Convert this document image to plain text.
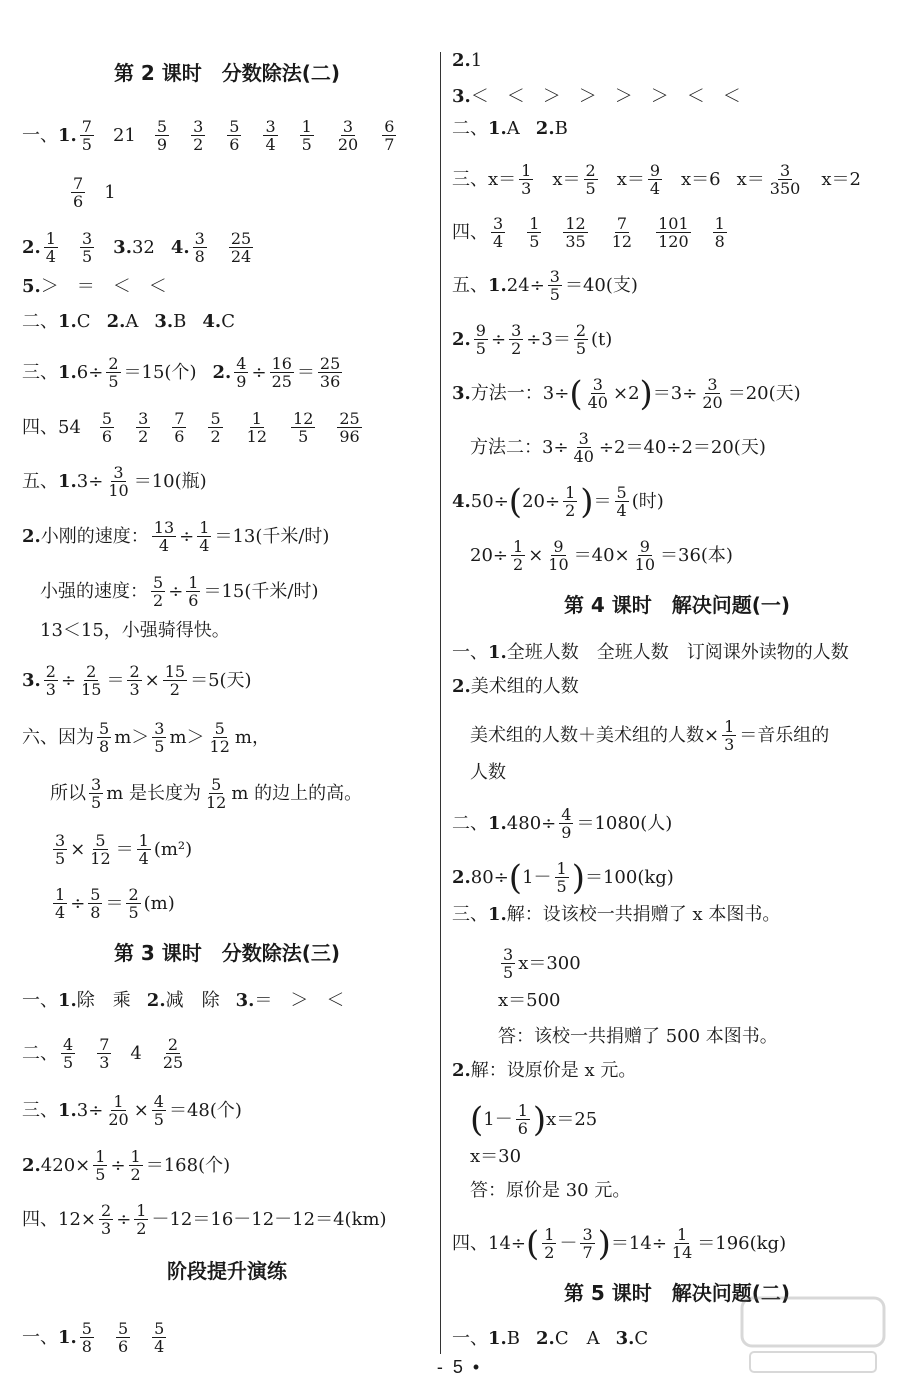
第 2 课时　分数除法(二)
一、 1. $\frac{7}{5} 21 \frac{5}{9} \frac{3}{2} \frac{5}{6} \frac{3}{4} \frac{1}{5} \frac{3}{20} \frac{6}{7}$
$\frac{7}{6} 1$
2. $\frac{1}{4} \frac{3}{5} 3$. 32 4. $\frac{3}{8} \frac{25}{24}$
5. ＞　＝　＜　＜
二、 1. C 2. A 3. B 4. C
三、 1. $6 \div \frac{2}{5} = 15$(个) 2. $\frac{4}{9} \div \frac{16}{25} = \frac{25}{36}$
四、 $54 \frac{5}{6} \frac{3}{2} \frac{7}{6} \frac{5}{2} \frac{1}{12} \frac{12}{5} \frac{25}{96}$
五、 1. $3 \div \frac{3}{10} = 10$(瓶)
2. 小刚的速度： $\frac{13}{4} \div \frac{1}{4} = 13$(千米/时)
小强的速度： $\frac{5}{2} \div \frac{1}{6} = 15$(千米/时)
13＜15，小强骑得快。
3. $\frac{2}{3} \div \frac{2}{15} = \frac{2}{3} \times \frac{15}{2} = 5$(天)
六、 因为 $\frac{5}{8} m> \frac{3}{5} m> \frac{5}{12}$ m，
所以 $\frac{3}{5}$ m 是长度为 $\frac{5}{12}$ m 的边上的高。
$\frac{3}{5} \times \frac{5}{12} = \frac{1}{4} (m^2)$
$\frac{1}{4} \div \frac{5}{8} = \frac{2}{5} (m)$
第 3 课时　分数除法(三)
一、 1. 除　乘 2. 减　除 3. ＝　＞　＜
二、 $\frac{4}{5} \frac{7}{3} 4 \frac{2}{25}$
三、 1. $3 \div \frac{1}{20} \times \frac{4}{5} = 48$(个)
2. $420 \times \frac{1}{5} \div \frac{1}{2} = 168$(个)
四、 $12 \times \frac{2}{3} \div \frac{1}{2} - 12 = 16 - 12-12=4(km)$
阶段提升演练
一、 1. $\frac{5}{8} \frac{5}{6} \frac{5}{4}$
2. 1
3. ＜　＜　＞　＞　＞　＞　＜　＜
二、 1. A 2. B
三、 $x= \frac{1}{3} x= \frac{2}{5} x= \frac{9}{4} x=6$ $x= \frac{3}{350} x= 2$
四、 $\frac{3}{4} \frac{1}{5} \frac{12}{35} \frac{7}{12} \frac{101}{120} \frac{1}{8}$
五、 1. $24 \div \frac{3}{5} = 40$(支)
2. $\frac{9}{5} \div \frac{3}{2} \div 3 = \frac{2}{5} (t)$
3. 方法一： 3 ÷ ( $\frac{3}{40} \times 2$ ) ＝ $3 \div \frac{3}{20} = 20$(天)
方法二： $3 \div \frac{3}{40} \div 2 = 40\div 2=20$(天)
4. 50 ÷ ( $20 \div \frac{1}{2}$ ) ＝ $\frac{5}{4}$ (时)
$20 \div \frac{1}{2} \times \frac{9}{10} = 40 \times \frac{9}{10} = 36$(本)
第 4 课时　解决问题(一)
一、 1. 全班人数　全班人数　订阅课外读物的人数
2. 美术组的人数
美术组的人数＋美术组的人数× $\frac{1}{3}$ ＝音乐组的
人数
二、 1. $480 \div \frac{4}{9} = 1080$(人)
2. 80 ÷ ( $1 - \frac{1}{5}$ ) ＝ 100(kg)
三、 1. 解：设该校一共捐赠了 x 本图书。
$\frac{3}{5} x=300$
x＝500
答：该校一共捐赠了 500 本图书。
2. 解：设原价是 x 元。
( $1 - \frac{1}{6}$ ) x＝25
x＝30
答：原价是 30 元。
四、 14 ÷ ( $\frac{1}{2} - \frac{3}{7}$ ) ＝ $14 \div \frac{1}{14} = 196(kg)$
第 5 课时　解决问题(二)
一、 1. B 2. C　A 3. C
-  5  •
